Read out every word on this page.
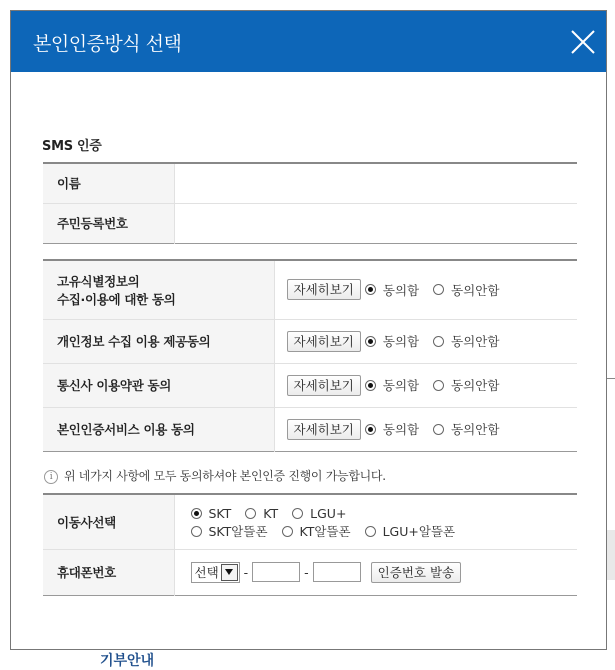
기부안내
본인인증방식 선택
SMS 인증
이름	
주민등록번호	
고유식별정보의
수집·이용에 대한 동의	자세히보기 동의함 동의안함
개인정보 수집 이용 제공동의	자세히보기 동의함 동의안함
통신사 이용약관 동의	자세히보기 동의함 동의안함
본인인증서비스 이용 동의	자세히보기 동의함 동의안함
i 위 네가지 사항에 모두 동의하셔야 본인인증 진행이 가능합니다.
이동사선택	SKT KT LGU+
SKT알뜰폰 KT알뜰폰 LGU+알뜰폰

휴대폰번호	선택 - - 인증번호 발송
